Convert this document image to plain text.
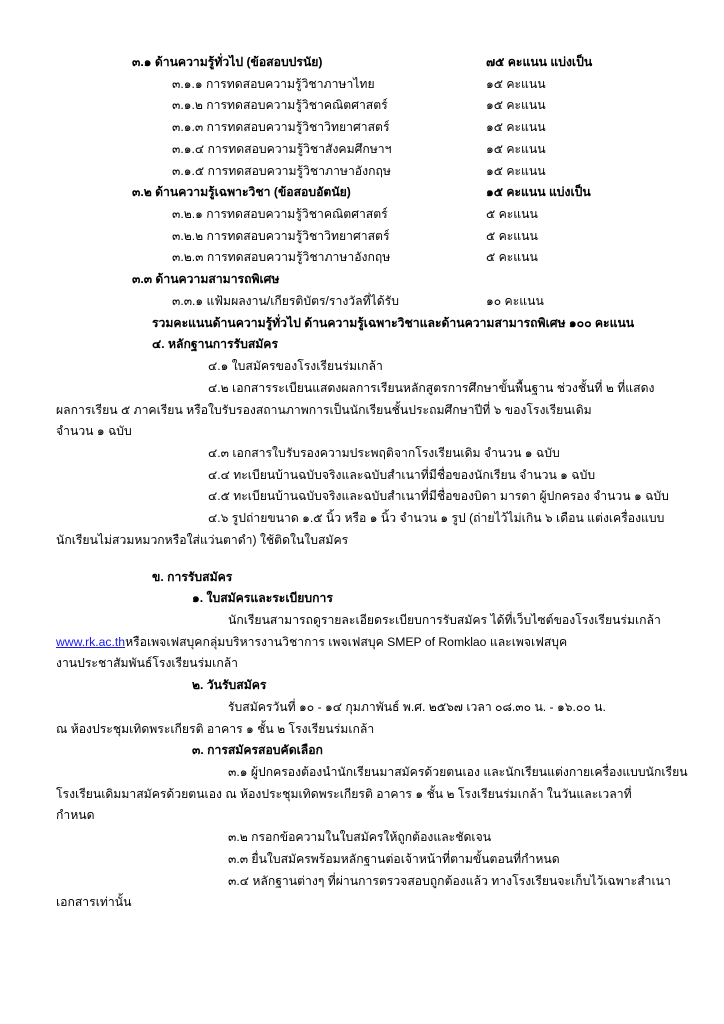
๓.๑ ด้านความรู้ทั่วไป (ข้อสอบปรนัย)	๗๕ คะแนน แบ่งเป็น
๓.๑.๑ การทดสอบความรู้วิชาภาษาไทย	๑๕ คะแนน
๓.๑.๒ การทดสอบความรู้วิชาคณิตศาสตร์	๑๕ คะแนน
๓.๑.๓ การทดสอบความรู้วิชาวิทยาศาสตร์	๑๕ คะแนน
๓.๑.๔ การทดสอบความรู้วิชาสังคมศึกษาฯ	๑๕ คะแนน
๓.๑.๕ การทดสอบความรู้วิชาภาษาอังกฤษ	๑๕ คะแนน
๓.๒ ด้านความรู้เฉพาะวิชา (ข้อสอบอัตนัย)	๑๕ คะแนน แบ่งเป็น
๓.๒.๑ การทดสอบความรู้วิชาคณิตศาสตร์	๕ คะแนน
๓.๒.๒ การทดสอบความรู้วิชาวิทยาศาสตร์	๕ คะแนน
๓.๒.๓ การทดสอบความรู้วิชาภาษาอังกฤษ	๕ คะแนน
๓.๓ ด้านความสามารถพิเศษ
๓.๓.๑ แฟ้มผลงาน/เกียรติบัตร/รางวัลที่ได้รับ	๑๐ คะแนน
รวมคะแนนด้านความรู้ทั่วไป ด้านความรู้เฉพาะวิชาและด้านความสามารถพิเศษ ๑๐๐ คะแนน
๔. หลักฐานการรับสมัคร
๔.๑ ใบสมัครของโรงเรียนร่มเกล้า
๔.๒ เอกสารระเบียนแสดงผลการเรียนหลักสูตรการศึกษาขั้นพื้นฐาน ช่วงชั้นที่ ๒ ที่แสดง
ผลการเรียน ๕ ภาคเรียน หรือใบรับรองสถานภาพการเป็นนักเรียนชั้นประถมศึกษาปีที่ ๖ ของโรงเรียนเดิม
จำนวน ๑ ฉบับ
๔.๓ เอกสารใบรับรองความประพฤติจากโรงเรียนเดิม จำนวน ๑ ฉบับ
๔.๔ ทะเบียนบ้านฉบับจริงและฉบับสำเนาที่มีชื่อของนักเรียน จำนวน ๑ ฉบับ
๔.๕ ทะเบียนบ้านฉบับจริงและฉบับสำเนาที่มีชื่อของบิดา มารดา ผู้ปกครอง จำนวน ๑ ฉบับ
๔.๖ รูปถ่ายขนาด ๑.๕ นิ้ว หรือ ๑ นิ้ว จำนวน ๑ รูป (ถ่ายไว้ไม่เกิน ๖ เดือน แต่งเครื่องแบบ
นักเรียนไม่สวมหมวกหรือใส่แว่นตาดำ) ใช้ติดในใบสมัคร
ข. การรับสมัคร
๑. ใบสมัครและระเบียบการ
นักเรียนสามารถดูรายละเอียดระเบียบการรับสมัคร ได้ที่เว็บไซต์ของโรงเรียนร่มเกล้า
www.rk.ac.thหรือเพจเฟสบุคกลุ่มบริหารงานวิชาการ เพจเฟสบุค SMEP of Romklao และเพจเฟสบุค
งานประชาสัมพันธ์โรงเรียนร่มเกล้า
๒. วันรับสมัคร
รับสมัครวันที่ ๑๐ - ๑๔ กุมภาพันธ์ พ.ศ. ๒๕๖๗ เวลา ๐๘.๓๐ น. - ๑๖.๐๐ น.
ณ ห้องประชุมเทิดพระเกียรติ อาคาร ๑ ชั้น ๒ โรงเรียนร่มเกล้า
๓. การสมัครสอบคัดเลือก
๓.๑ ผู้ปกครองต้องนำนักเรียนมาสมัครด้วยตนเอง และนักเรียนแต่งกายเครื่องแบบนักเรียน
โรงเรียนเดิมมาสมัครด้วยตนเอง ณ ห้องประชุมเทิดพระเกียรติ อาคาร ๑ ชั้น ๒ โรงเรียนร่มเกล้า ในวันและเวลาที่
กำหนด
๓.๒ กรอกข้อความในใบสมัครให้ถูกต้องและชัดเจน
๓.๓ ยื่นใบสมัครพร้อมหลักฐานต่อเจ้าหน้าที่ตามขั้นตอนที่กำหนด
๓.๔ หลักฐานต่างๆ ที่ผ่านการตรวจสอบถูกต้องแล้ว ทางโรงเรียนจะเก็บไว้เฉพาะสำเนา
เอกสารเท่านั้น
